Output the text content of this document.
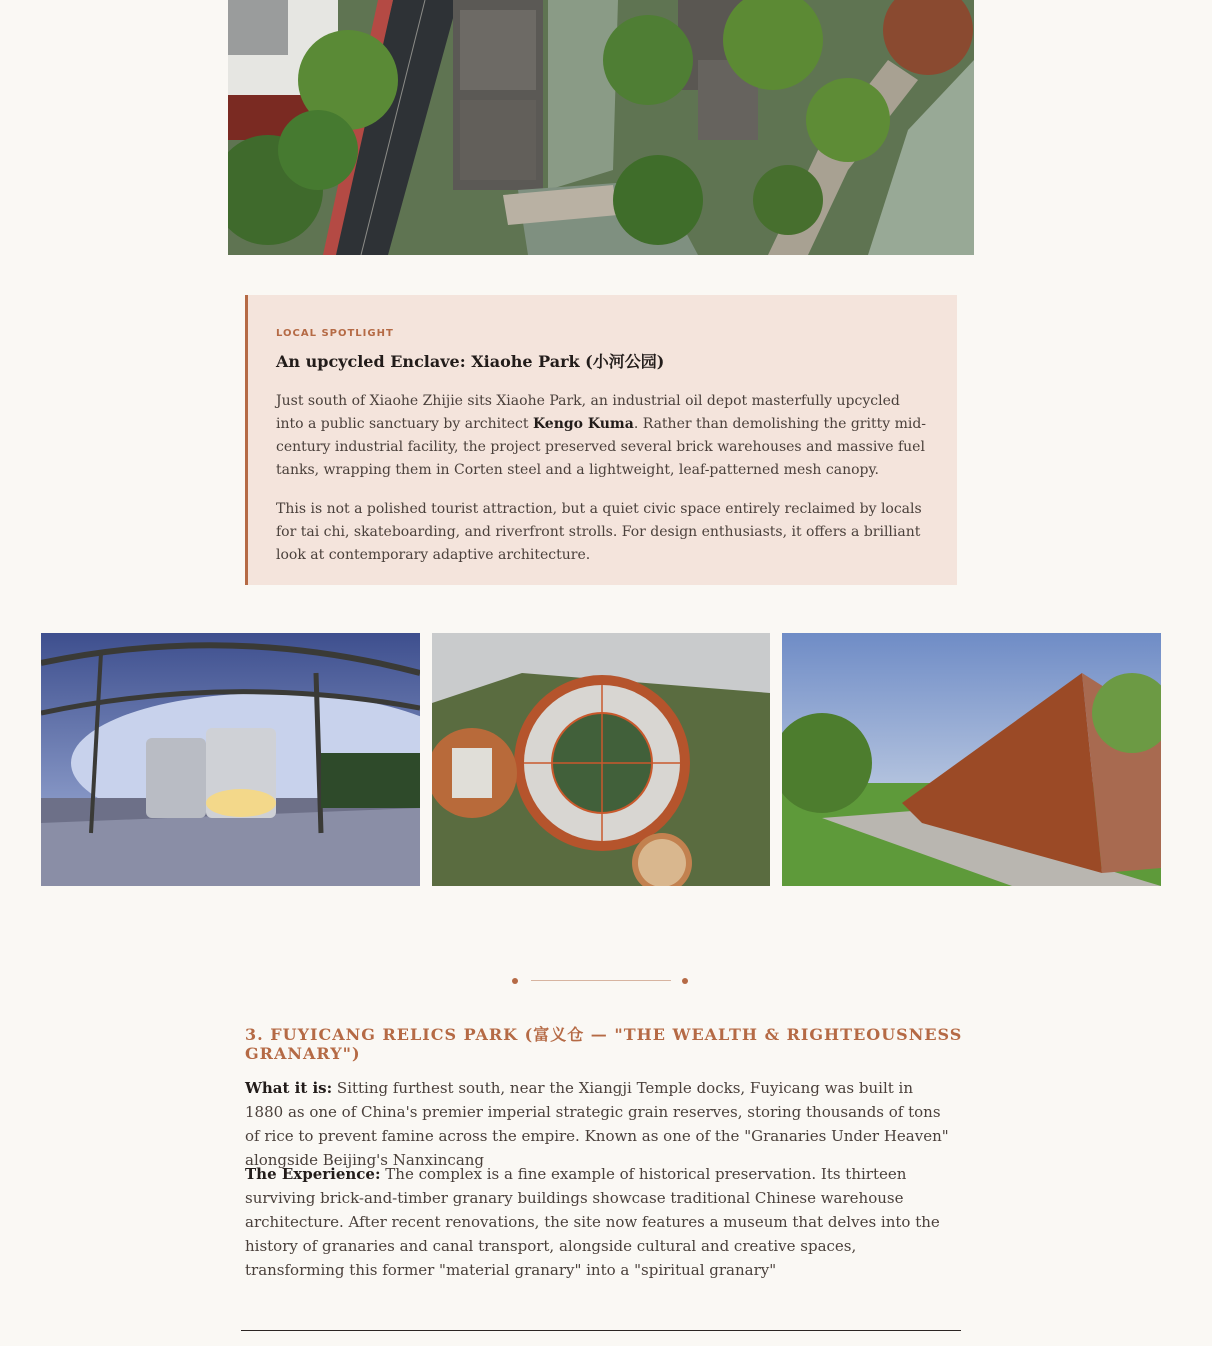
LOCAL SPOTLIGHT
An upcycled Enclave: Xiaohe Park (小河公园)

Just south of Xiaohe Zhijie sits Xiaohe Park, an industrial oil depot masterfully upcycled into a public sanctuary by architect Kengo Kuma. Rather than demolishing the gritty mid-century industrial facility, the project preserved several brick warehouses and massive fuel tanks, wrapping them in Corten steel and a lightweight, leaf-patterned mesh canopy.

This is not a polished tourist attraction, but a quiet civic space entirely reclaimed by locals for tai chi, skateboarding, and riverfront strolls. For design enthusiasts, it offers a brilliant look at contemporary adaptive architecture.

3. FUYICANG RELICS PARK (富义仓 — "THE WEALTH & RIGHTEOUSNESS GRANARY")

What it is: Sitting furthest south, near the Xiangji Temple docks, Fuyicang was built in 1880 as one of China's premier imperial strategic grain reserves, storing thousands of tons of rice to prevent famine across the empire. Known as one of the "Granaries Under Heaven" alongside Beijing's Nanxincang

The Experience: The complex is a fine example of historical preservation. Its thirteen surviving brick-and-timber granary buildings showcase traditional Chinese warehouse architecture. After recent renovations, the site now features a museum that delves into the history of granaries and canal transport, alongside cultural and creative spaces, transforming this former "material granary" into a "spiritual granary"
